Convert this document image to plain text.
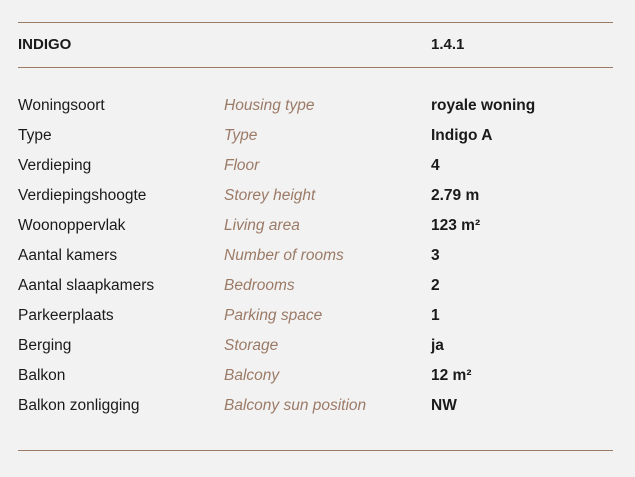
INDIGO	1.4.1
Woningsoort	Housing type	royale woning
Type	Type	Indigo A
Verdieping	Floor	4
Verdiepingshoogte	Storey height	2.79 m
Woonoppervlak	Living area	123 m²
Aantal kamers	Number of rooms	3
Aantal slaapkamers	Bedrooms	2
Parkeerplaats	Parking space	1
Berging	Storage	ja
Balkon	Balcony	12 m²
Balkon zonligging	Balcony sun position	NW
